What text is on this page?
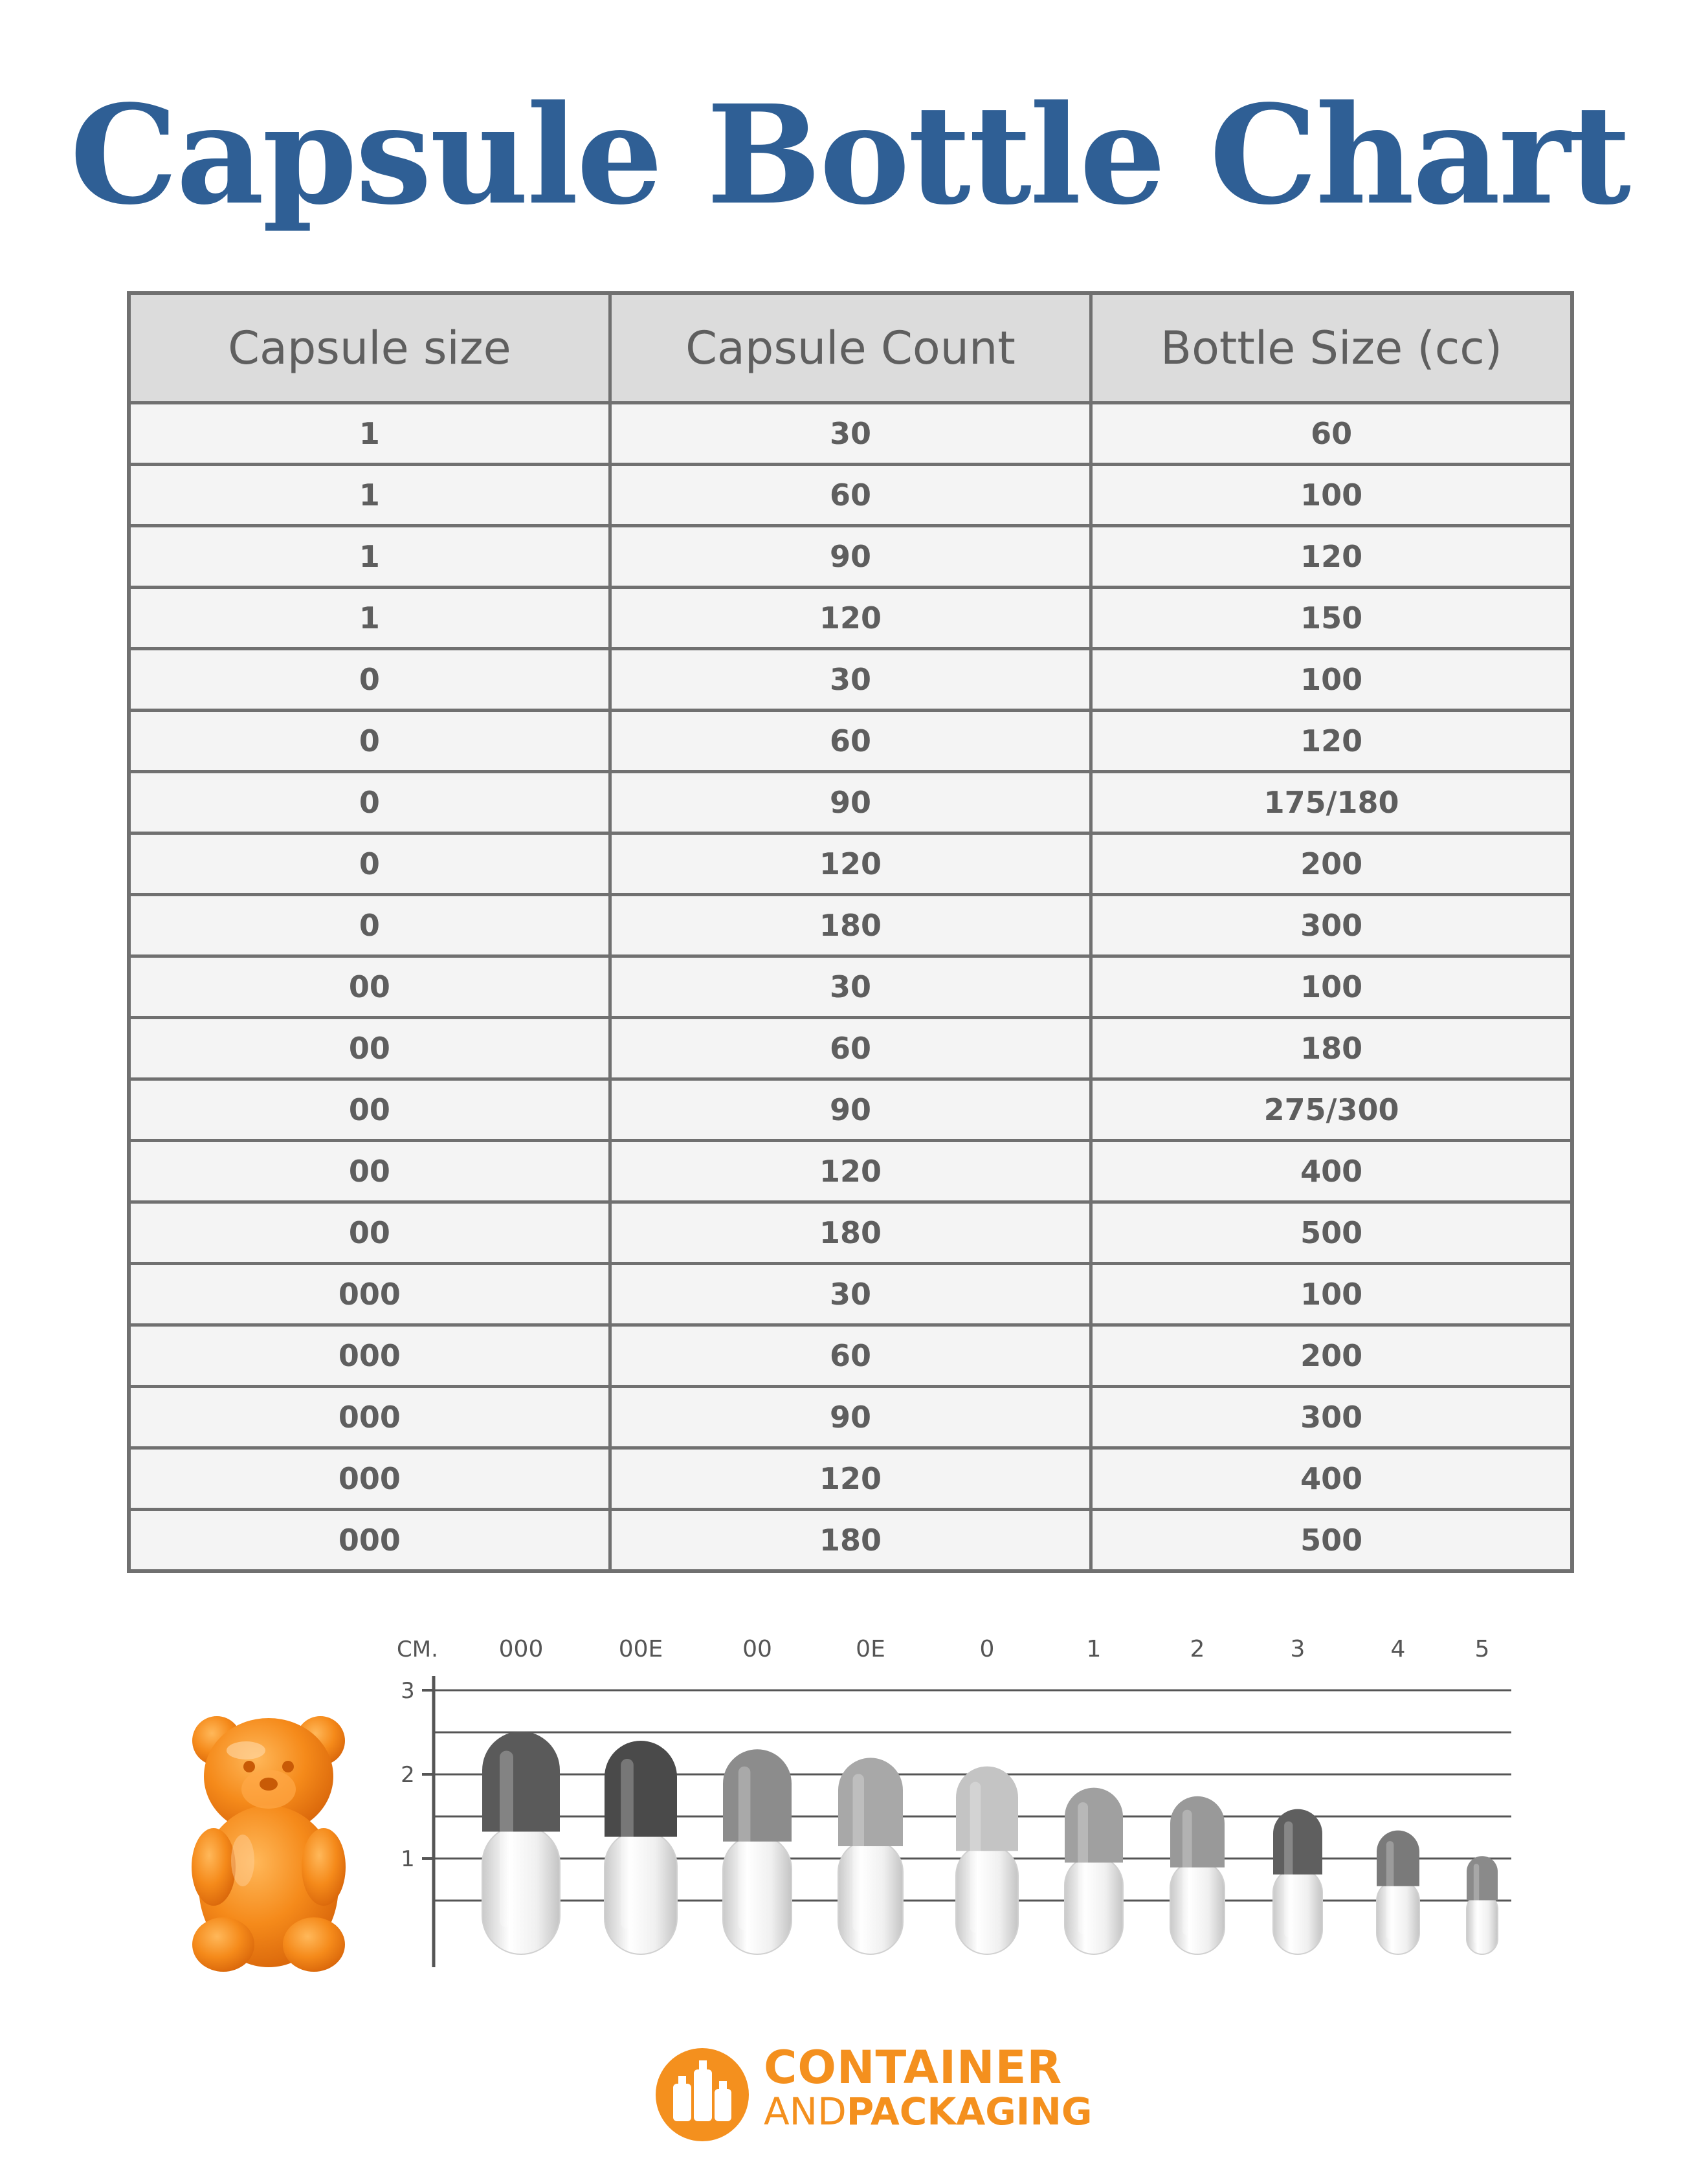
Capsule Bottle Chart
Capsule size	Capsule Count	Bottle Size (cc)
1	30	60
1	60	100
1	90	120
1	120	150
0	30	100
0	60	120
0	90	175/180
0	120	200
0	180	300
00	30	100
00	60	180
00	90	275/300
00	120	400
00	180	500
000	30	100
000	60	200
000	90	300
000	120	400
000	180	500
3
2
1
CM.	000	00E	00	0E	0	1	2	3	4	5

CONTAINER

ANDPACKAGING
